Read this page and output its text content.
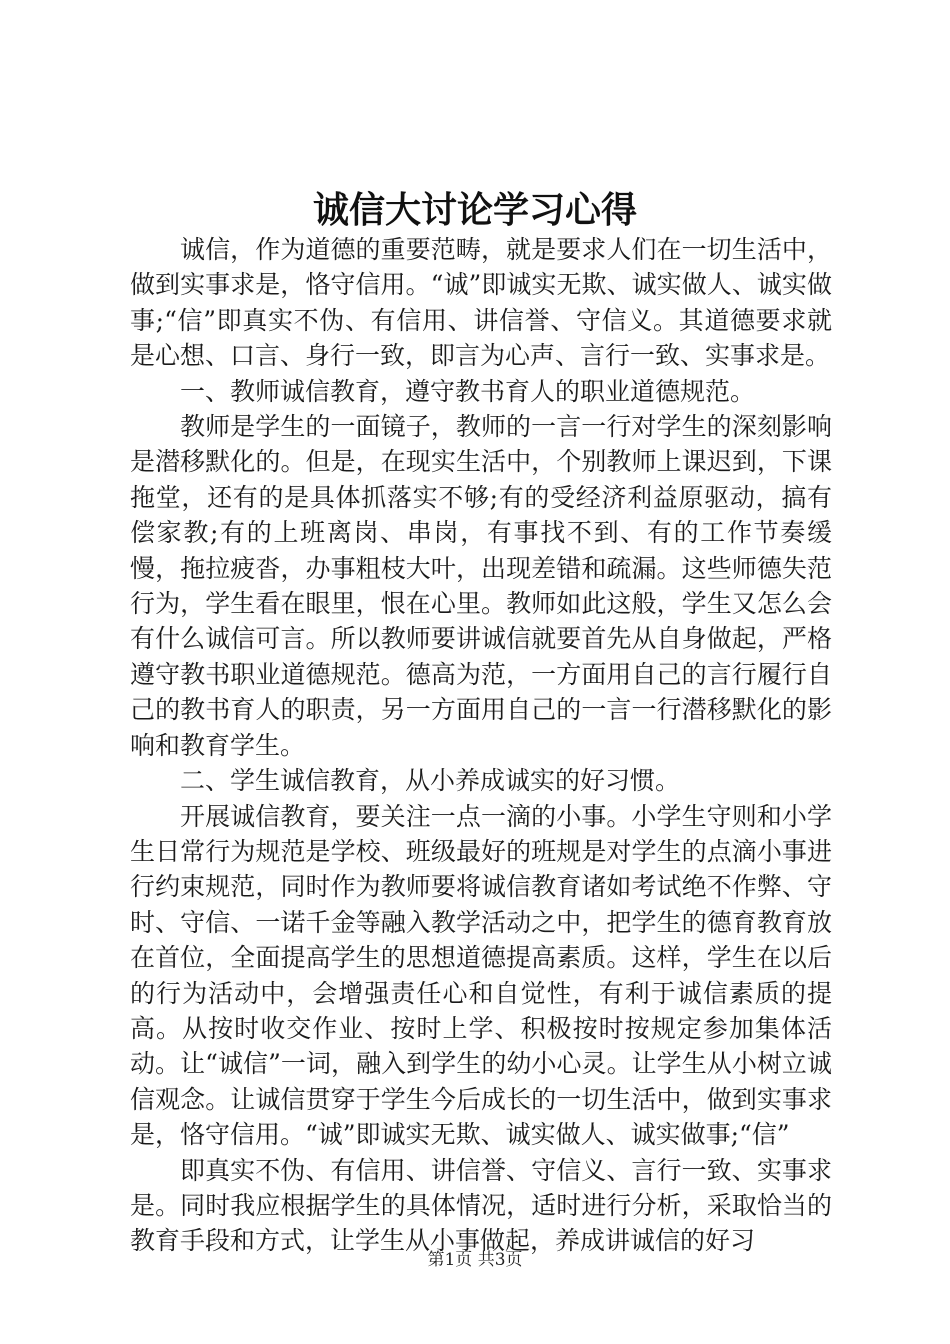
诚信大讨论学习心得

诚信，作为道德的重要范畴，就是要求人们在一切生活中，做到实事求是，恪守信用。“诚”即诚实无欺、诚实做人、诚实做事;“信”即真实不伪、有信用、讲信誉、守信义。其道德要求就是心想、口言、身行一致，即言为心声、言行一致、实事求是。

一、教师诚信教育，遵守教书育人的职业道德规范。

教师是学生的一面镜子，教师的一言一行对学生的深刻影响是潜移默化的。但是，在现实生活中，个别教师上课迟到，下课拖堂，还有的是具体抓落实不够;有的受经济利益原驱动，搞有偿家教;有的上班离岗、串岗，有事找不到、有的工作节奏缓慢，拖拉疲沓，办事粗枝大叶，出现差错和疏漏。这些师德失范行为，学生看在眼里，恨在心里。教师如此这般，学生又怎么会有什么诚信可言。所以教师要讲诚信就要首先从自身做起，严格遵守教书职业道德规范。德高为范，一方面用自己的言行履行自己的教书育人的职责，另一方面用自己的一言一行潜移默化的影响和教育学生。

二、学生诚信教育，从小养成诚实的好习惯。

开展诚信教育，要关注一点一滴的小事。小学生守则和小学生日常行为规范是学校、班级最好的班规是对学生的点滴小事进行约束规范，同时作为教师要将诚信教育诸如考试绝不作弊、守时、守信、一诺千金等融入教学活动之中，把学生的德育教育放在首位，全面提高学生的思想道德提高素质。这样，学生在以后的行为活动中，会增强责任心和自觉性，有利于诚信素质的提高。从按时收交作业、按时上学、积极按时按规定参加集体活动。让“诚信”一词，融入到学生的幼小心灵。让学生从小树立诚信观念。让诚信贯穿于学生今后成长的一切生活中，做到实事求是，恪守信用。“诚”即诚实无欺、诚实做人、诚实做事;“信”

即真实不伪、有信用、讲信誉、守信义、言行一致、实事求是。同时我应根据学生的具体情况，适时进行分析，采取恰当的教育手段和方式，让学生从小事做起，养成讲诚信的好习

第1页 共3页
